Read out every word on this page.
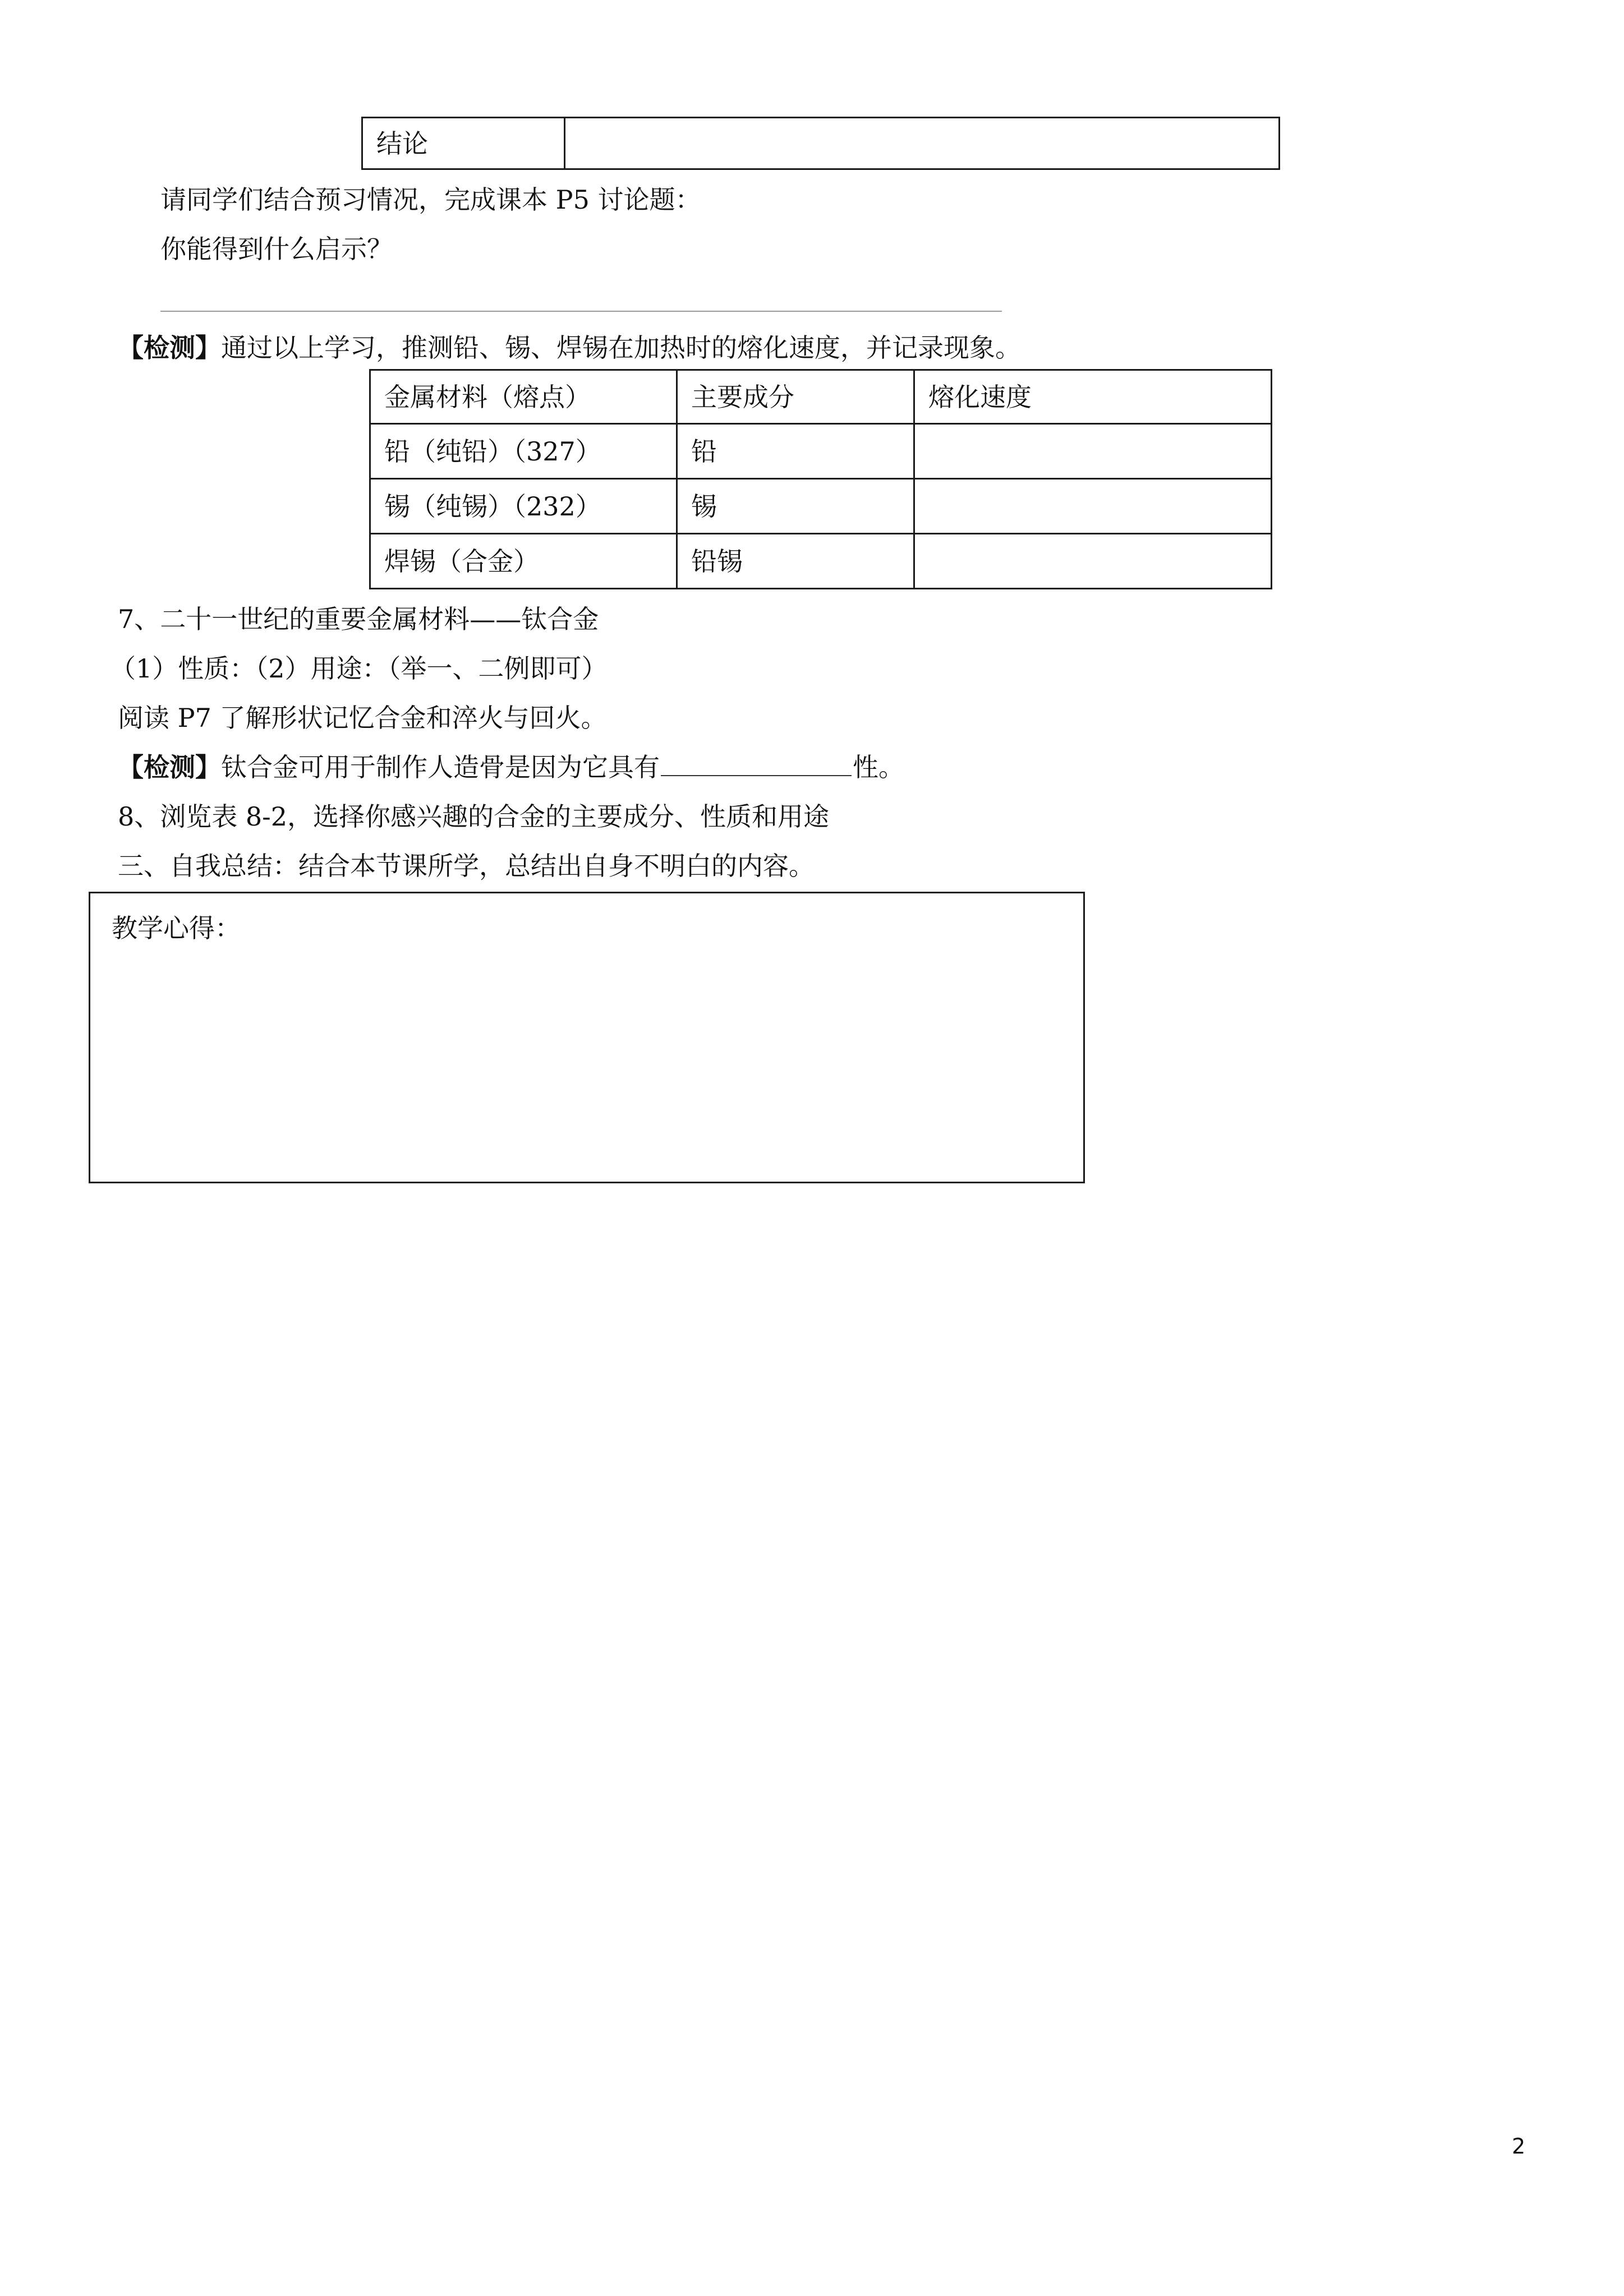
结论	
请同学们结合预习情况，完成课本 P5 讨论题：
你能得到什么启示？
【检测】通过以上学习，推测铅、锡、焊锡在加热时的熔化速度，并记录现象。
金属材料（熔点）	主要成分	熔化速度
铅（纯铅）（327）	铅	
锡（纯锡）（232）	锡	
焊锡（合金）	铅锡	
7、二十一世纪的重要金属材料——钛合金
（1）性质：（2）用途：（举一、二例即可）
阅读 P7 了解形状记忆合金和淬火与回火。
【检测】钛合金可用于制作人造骨是因为它具有	性。
8、浏览表 8-2，选择你感兴趣的合金的主要成分、性质和用途
三、自我总结：结合本节课所学，总结出自身不明白的内容。
教学心得：
2
